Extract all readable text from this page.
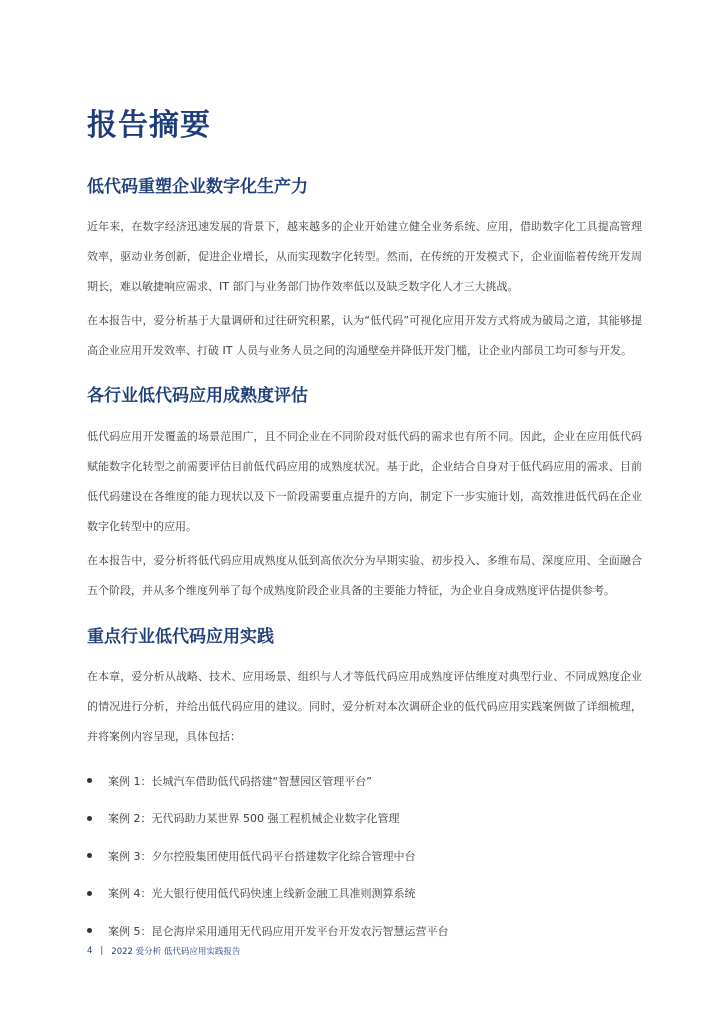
报告摘要
低代码重塑企业数字化生产力

近年来，在数字经济迅速发展的背景下，越来越多的企业开始建立健全业务系统、应用，借助数字化工具提高管理效率，驱动业务创新，促进企业增长，从而实现数字化转型。然而，在传统的开发模式下，企业面临着传统开发周期长，难以敏捷响应需求、IT 部门与业务部门协作效率低以及缺乏数字化人才三大挑战。

在本报告中，爱分析基于大量调研和过往研究积累，认为“低代码”可视化应用开发方式将成为破局之道，其能够提高企业应用开发效率、打破 IT 人员与业务人员之间的沟通壁垒并降低开发门槛，让企业内部员工均可参与开发。

各行业低代码应用成熟度评估

低代码应用开发覆盖的场景范围广，且不同企业在不同阶段对低代码的需求也有所不同。因此，企业在应用低代码赋能数字化转型之前需要评估目前低代码应用的成熟度状况。基于此，企业结合自身对于低代码应用的需求、目前低代码建设在各维度的能力现状以及下一阶段需要重点提升的方向，制定下一步实施计划，高效推进低代码在企业数字化转型中的应用。

在本报告中，爱分析将低代码应用成熟度从低到高依次分为早期实验、初步投入、多维布局、深度应用、全面融合五个阶段，并从多个维度列举了每个成熟度阶段企业具备的主要能力特征，为企业自身成熟度评估提供参考。

重点行业低代码应用实践

在本章，爱分析从战略、技术、应用场景、组织与人才等低代码应用成熟度评估维度对典型行业、不同成熟度企业的情况进行分析，并给出低代码应用的建议。同时，爱分析对本次调研企业的低代码应用实践案例做了详细梳理，并将案例内容呈现，具体包括：

案例 1：长城汽车借助低代码搭建“智慧园区管理平台”
案例 2：无代码助力某世界 500 强工程机械企业数字化管理
案例 3：夕尔控股集团使用低代码平台搭建数字化综合管理中台
案例 4：光大银行使用低代码快速上线新金融工具准则测算系统
案例 5：昆仑海岸采用通用无代码应用开发平台开发农污智慧运营平台
4 | 2022 爱分析 低代码应用实践报告
